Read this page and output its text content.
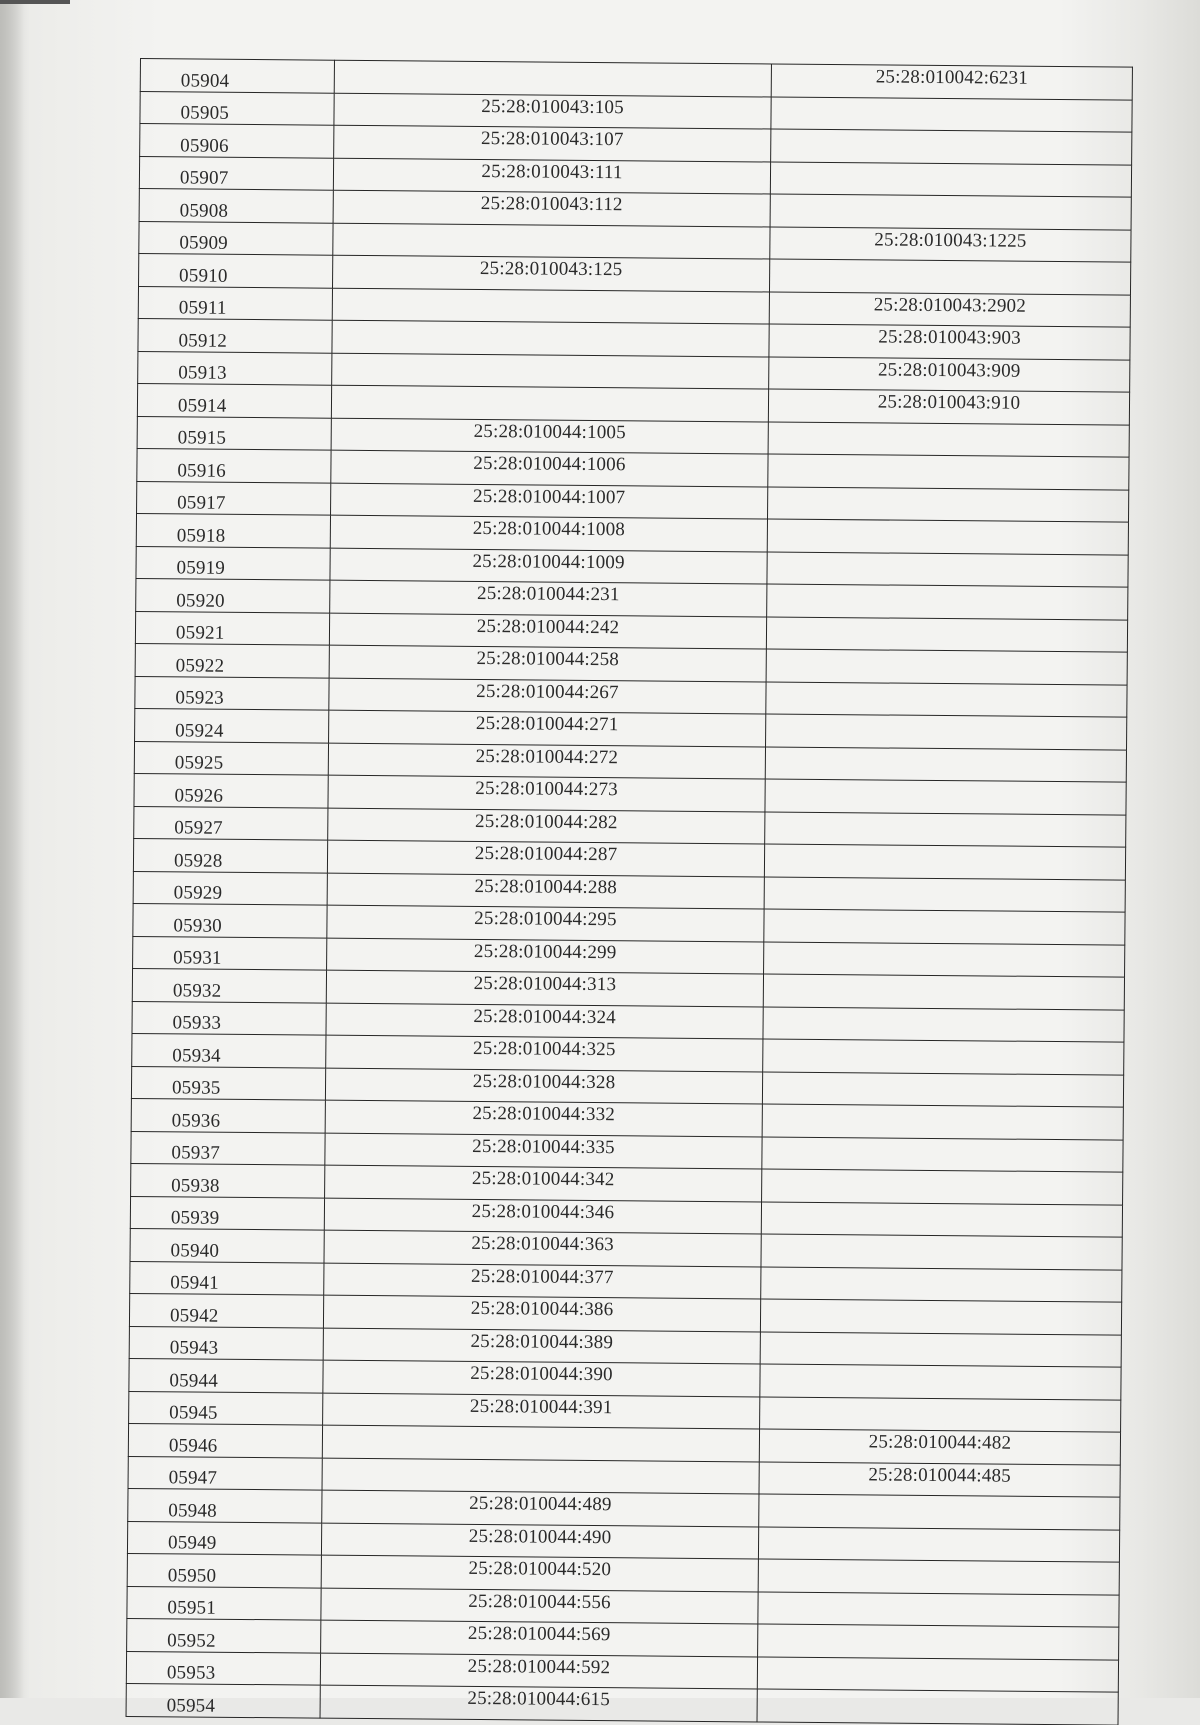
05904		25:28:010042:6231
05905	25:28:010043:105	
05906	25:28:010043:107	
05907	25:28:010043:111	
05908	25:28:010043:112	
05909		25:28:010043:1225
05910	25:28:010043:125	
05911		25:28:010043:2902
05912		25:28:010043:903
05913		25:28:010043:909
05914		25:28:010043:910
05915	25:28:010044:1005	
05916	25:28:010044:1006	
05917	25:28:010044:1007	
05918	25:28:010044:1008	
05919	25:28:010044:1009	
05920	25:28:010044:231	
05921	25:28:010044:242	
05922	25:28:010044:258	
05923	25:28:010044:267	
05924	25:28:010044:271	
05925	25:28:010044:272	
05926	25:28:010044:273	
05927	25:28:010044:282	
05928	25:28:010044:287	
05929	25:28:010044:288	
05930	25:28:010044:295	
05931	25:28:010044:299	
05932	25:28:010044:313	
05933	25:28:010044:324	
05934	25:28:010044:325	
05935	25:28:010044:328	
05936	25:28:010044:332	
05937	25:28:010044:335	
05938	25:28:010044:342	
05939	25:28:010044:346	
05940	25:28:010044:363	
05941	25:28:010044:377	
05942	25:28:010044:386	
05943	25:28:010044:389	
05944	25:28:010044:390	
05945	25:28:010044:391	
05946		25:28:010044:482
05947		25:28:010044:485
05948	25:28:010044:489	
05949	25:28:010044:490	
05950	25:28:010044:520	
05951	25:28:010044:556	
05952	25:28:010044:569	
05953	25:28:010044:592	
05954	25:28:010044:615	
